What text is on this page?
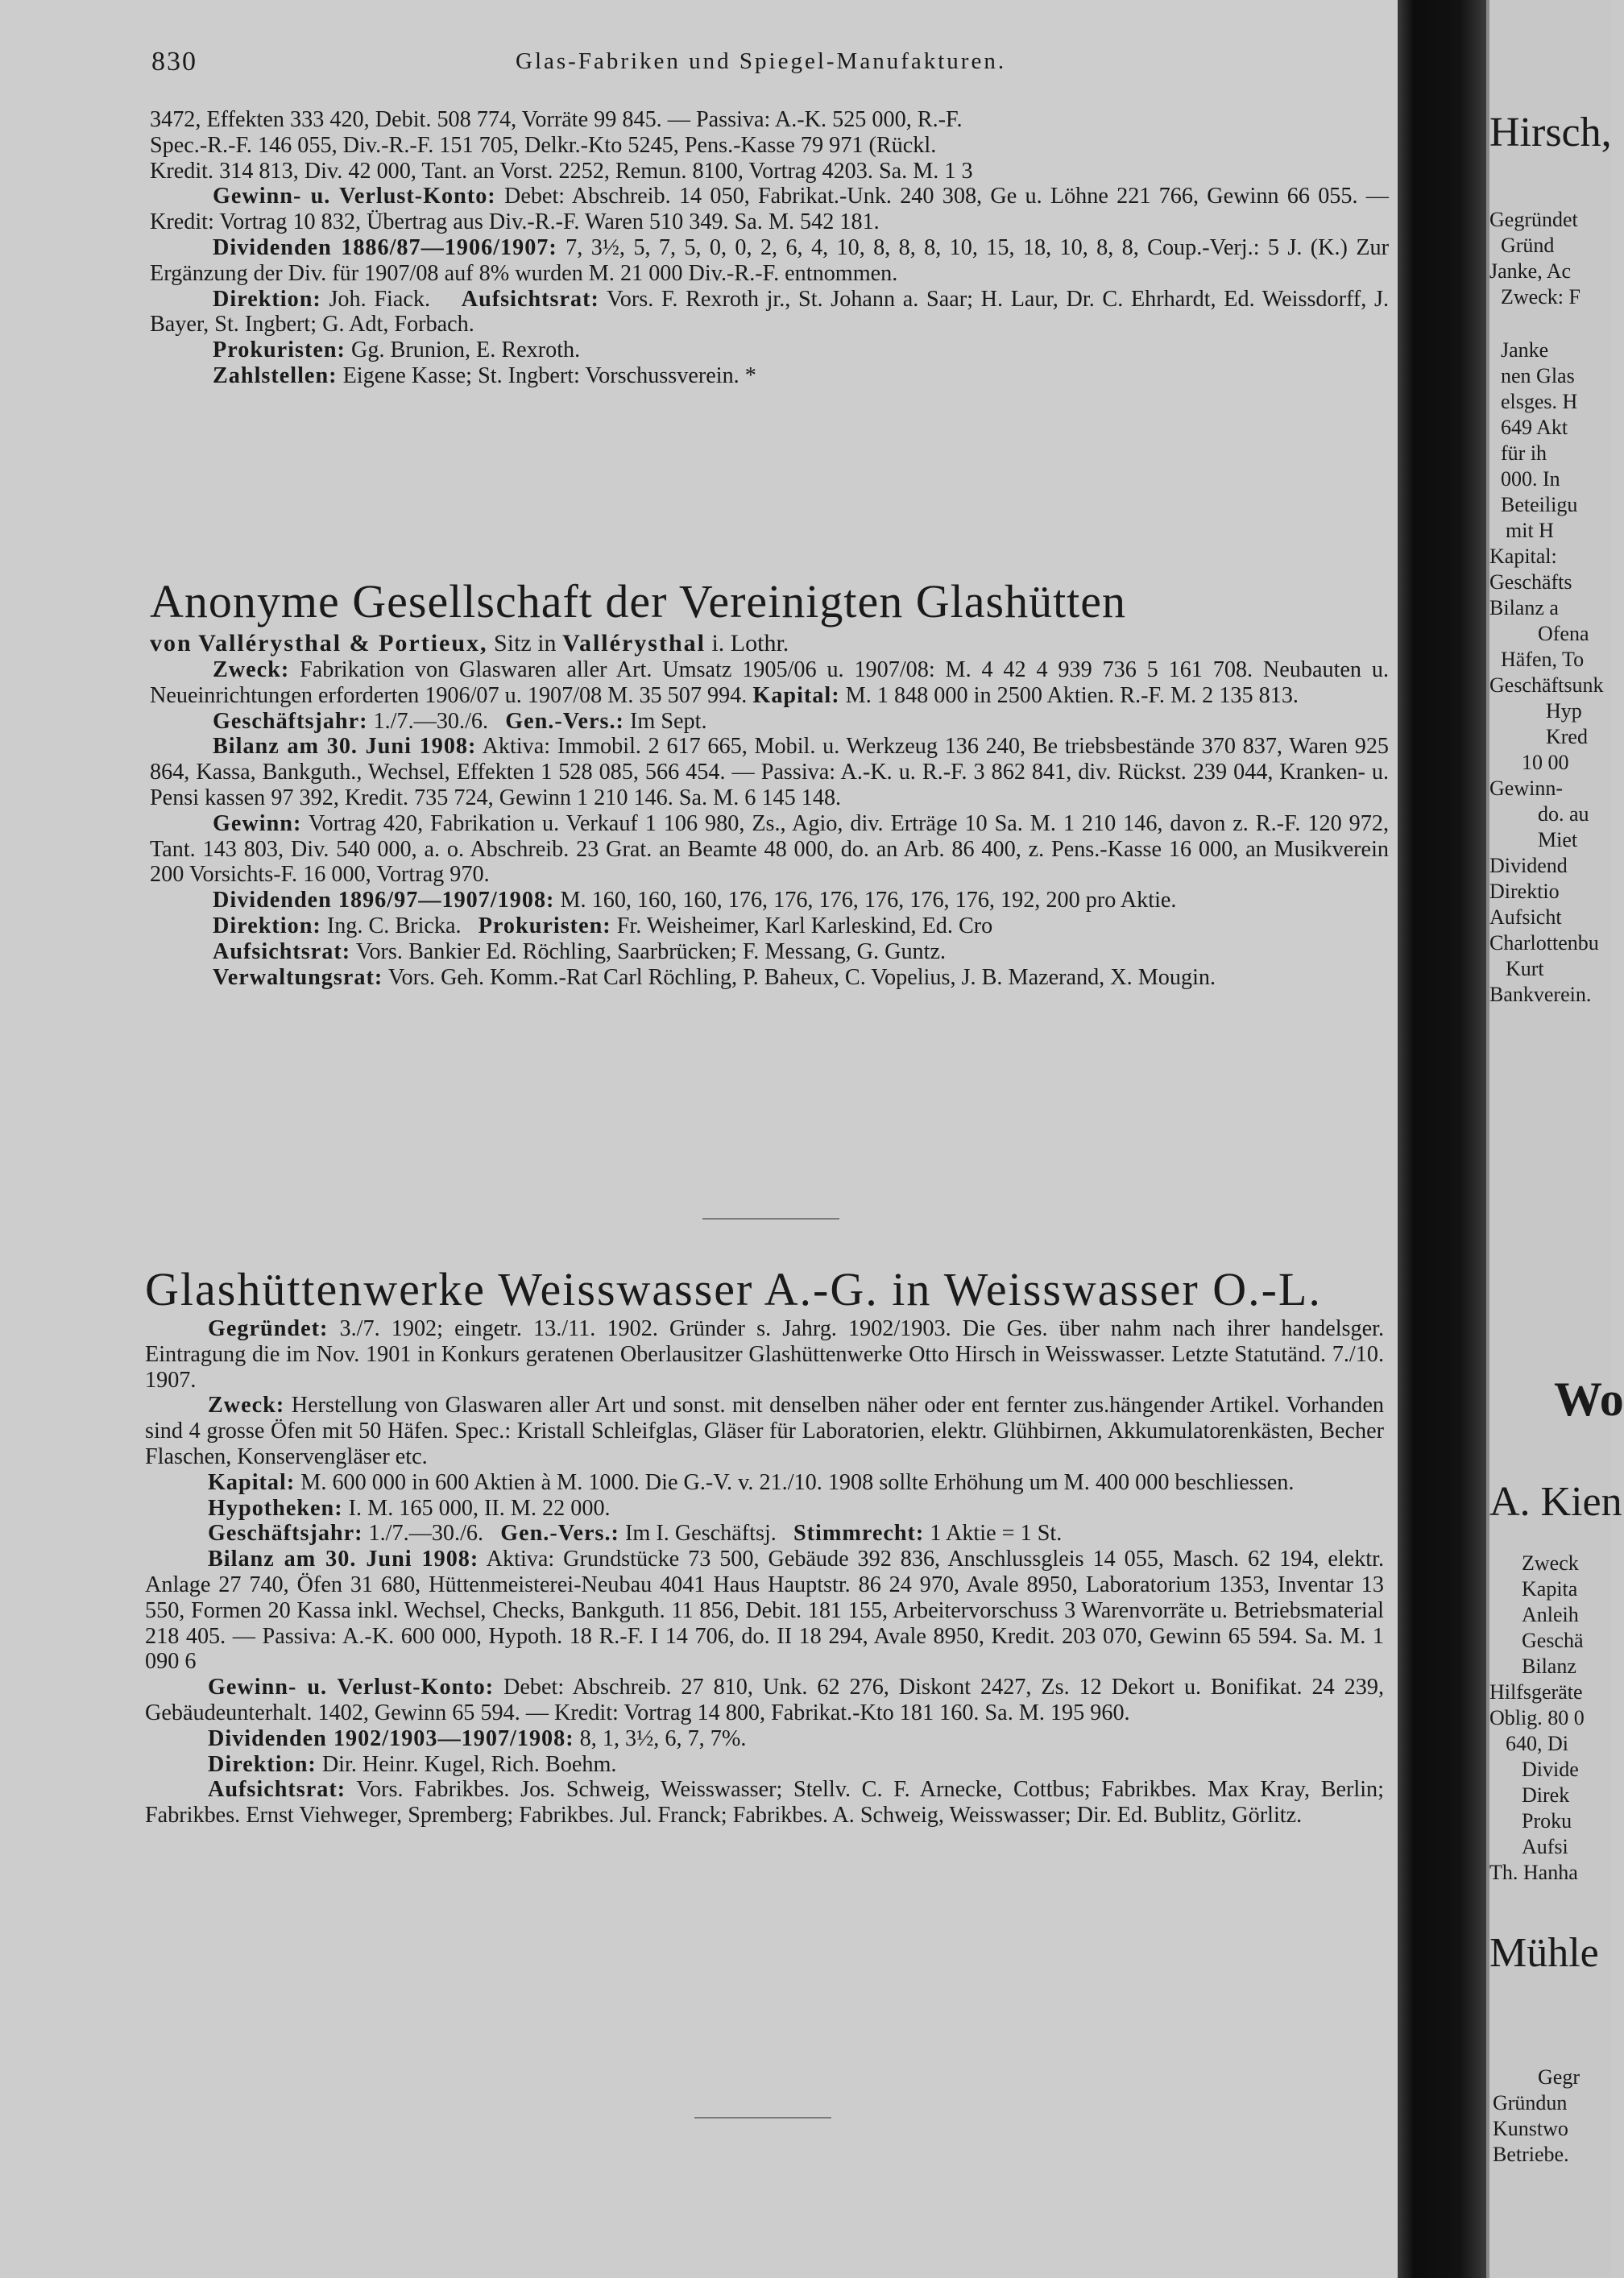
830	Glas-Fabriken und Spiegel-Manufakturen.

3472, Effekten 333 420, Debit. 508 774, Vorräte 99 845. — Passiva: A.-K. 525 000, R.-F.

Spec.-R.-F. 146 055, Div.-R.-F. 151 705, Delkr.-Kto 5245, Pens.-Kasse 79 971 (Rückl.

Kredit. 314 813, Div. 42 000, Tant. an Vorst. 2252, Remun. 8100, Vortrag 4203. Sa. M. 1 3

Gewinn- u. Verlust-Konto: Debet: Abschreib. 14 050, Fabrikat.-Unk. 240 308, Ge u. Löhne 221 766, Gewinn 66 055. — Kredit: Vortrag 10 832, Übertrag aus Div.-R.-F. Waren 510 349. Sa. M. 542 181.

Dividenden 1886/87—1906/1907: 7, 3½, 5, 7, 5, 0, 0, 2, 6, 4, 10, 8, 8, 8, 10, 15, 18, 10, 8, 8, Coup.-Verj.: 5 J. (K.) Zur Ergänzung der Div. für 1907/08 auf 8% wurden M. 21 000 Div.-R.-F. entnommen.

Direktion: Joh. Fiack. Aufsichtsrat: Vors. F. Rexroth jr., St. Johann a. Saar; H. Laur, Dr. C. Ehrhardt, Ed. Weissdorff, J. Bayer, St. Ingbert; G. Adt, Forbach.

Prokuristen: Gg. Brunion, E. Rexroth.

Zahlstellen: Eigene Kasse; St. Ingbert: Vorschussverein. *

Anonyme Gesellschaft der Vereinigten Glashütten

von Vallérysthal & Portieux, Sitz in Vallérysthal i. Lothr.

Zweck: Fabrikation von Glaswaren aller Art. Umsatz 1905/06 u. 1907/08: M. 4 42 4 939 736 5 161 708. Neubauten u. Neueinrichtungen erforderten 1906/07 u. 1907/08 M. 35 507 994. Kapital: M. 1 848 000 in 2500 Aktien. R.-F. M. 2 135 813.

Geschäftsjahr: 1./7.—30./6. Gen.-Vers.: Im Sept.

Bilanz am 30. Juni 1908: Aktiva: Immobil. 2 617 665, Mobil. u. Werkzeug 136 240, Be triebsbestände 370 837, Waren 925 864, Kassa, Bankguth., Wechsel, Effekten 1 528 085, 566 454. — Passiva: A.-K. u. R.-F. 3 862 841, div. Rückst. 239 044, Kranken- u. Pensi kassen 97 392, Kredit. 735 724, Gewinn 1 210 146. Sa. M. 6 145 148.

Gewinn: Vortrag 420, Fabrikation u. Verkauf 1 106 980, Zs., Agio, div. Erträge 10 Sa. M. 1 210 146, davon z. R.-F. 120 972, Tant. 143 803, Div. 540 000, a. o. Abschreib. 23 Grat. an Beamte 48 000, do. an Arb. 86 400, z. Pens.-Kasse 16 000, an Musikverein 200 Vorsichts-F. 16 000, Vortrag 970.

Dividenden 1896/97—1907/1908: M. 160, 160, 160, 176, 176, 176, 176, 176, 176, 192, 200 pro Aktie.

Direktion: Ing. C. Bricka. Prokuristen: Fr. Weisheimer, Karl Karleskind, Ed. Cro

Aufsichtsrat: Vors. Bankier Ed. Röchling, Saarbrücken; F. Messang, G. Guntz.

Verwaltungsrat: Vors. Geh. Komm.-Rat Carl Röchling, P. Baheux, C. Vopelius, J. B. Mazerand, X. Mougin.

Glashüttenwerke Weisswasser A.-G. in Weisswasser O.-L.

Gegründet: 3./7. 1902; eingetr. 13./11. 1902. Gründer s. Jahrg. 1902/1903. Die Ges. über nahm nach ihrer handelsger. Eintragung die im Nov. 1901 in Konkurs geratenen Oberlausitzer Glashüttenwerke Otto Hirsch in Weisswasser. Letzte Statutänd. 7./10. 1907.

Zweck: Herstellung von Glaswaren aller Art und sonst. mit denselben näher oder ent fernter zus.hängender Artikel. Vorhanden sind 4 grosse Öfen mit 50 Häfen. Spec.: Kristall Schleifglas, Gläser für Laboratorien, elektr. Glühbirnen, Akkumulatorenkästen, Becher Flaschen, Konservengläser etc.

Kapital: M. 600 000 in 600 Aktien à M. 1000. Die G.-V. v. 21./10. 1908 sollte Erhöhung um M. 400 000 beschliessen.

Hypotheken: I. M. 165 000, II. M. 22 000.

Geschäftsjahr: 1./7.—30./6. Gen.-Vers.: Im I. Geschäftsj. Stimmrecht: 1 Aktie = 1 St.

Bilanz am 30. Juni 1908: Aktiva: Grundstücke 73 500, Gebäude 392 836, Anschlussgleis 14 055, Masch. 62 194, elektr. Anlage 27 740, Öfen 31 680, Hüttenmeisterei-Neubau 4041 Haus Hauptstr. 86 24 970, Avale 8950, Laboratorium 1353, Inventar 13 550, Formen 20 Kassa inkl. Wechsel, Checks, Bankguth. 11 856, Debit. 181 155, Arbeitervorschuss 3 Warenvorräte u. Betriebsmaterial 218 405. — Passiva: A.-K. 600 000, Hypoth. 18 R.-F. I 14 706, do. II 18 294, Avale 8950, Kredit. 203 070, Gewinn 65 594. Sa. M. 1 090 6

Gewinn- u. Verlust-Konto: Debet: Abschreib. 27 810, Unk. 62 276, Diskont 2427, Zs. 12 Dekort u. Bonifikat. 24 239, Gebäudeunterhalt. 1402, Gewinn 65 594. — Kredit: Vortrag 14 800, Fabrikat.-Kto 181 160. Sa. M. 195 960.

Dividenden 1902/1903—1907/1908: 8, 1, 3½, 6, 7, 7%.

Direktion: Dir. Heinr. Kugel, Rich. Boehm.

Aufsichtsrat: Vors. Fabrikbes. Jos. Schweig, Weisswasser; Stellv. C. F. Arnecke, Cottbus; Fabrikbes. Max Kray, Berlin; Fabrikbes. Ernst Viehweger, Spremberg; Fabrikbes. Jul. Franck; Fabrikbes. A. Schweig, Weisswasser; Dir. Ed. Bublitz, Görlitz.

Hirsch,
Gegründet
Gründ
Janke, Ac
Zweck: F
Janke
nen Glas
elsges. H
649 Akt
für ih
000. In
Beteiligu
mit H
Kapital:
Geschäfts
Bilanz a
Ofena
Häfen, To
Geschäftsunk
Hyp
Kred
10 00
Gewinn-
do. au
Miet
Dividend
Direktio
Aufsicht
Charlottenbu
Kurt
Bankverein.
Wo
A. Kien
Zweck
Kapita
Anleih
Geschä
Bilanz
Hilfsgeräte
Oblig. 80 0
640, Di
Divide
Direk
Proku
Aufsi
Th. Hanha
Mühle
Gegr
Gründun
Kunstwo
Betriebe.
